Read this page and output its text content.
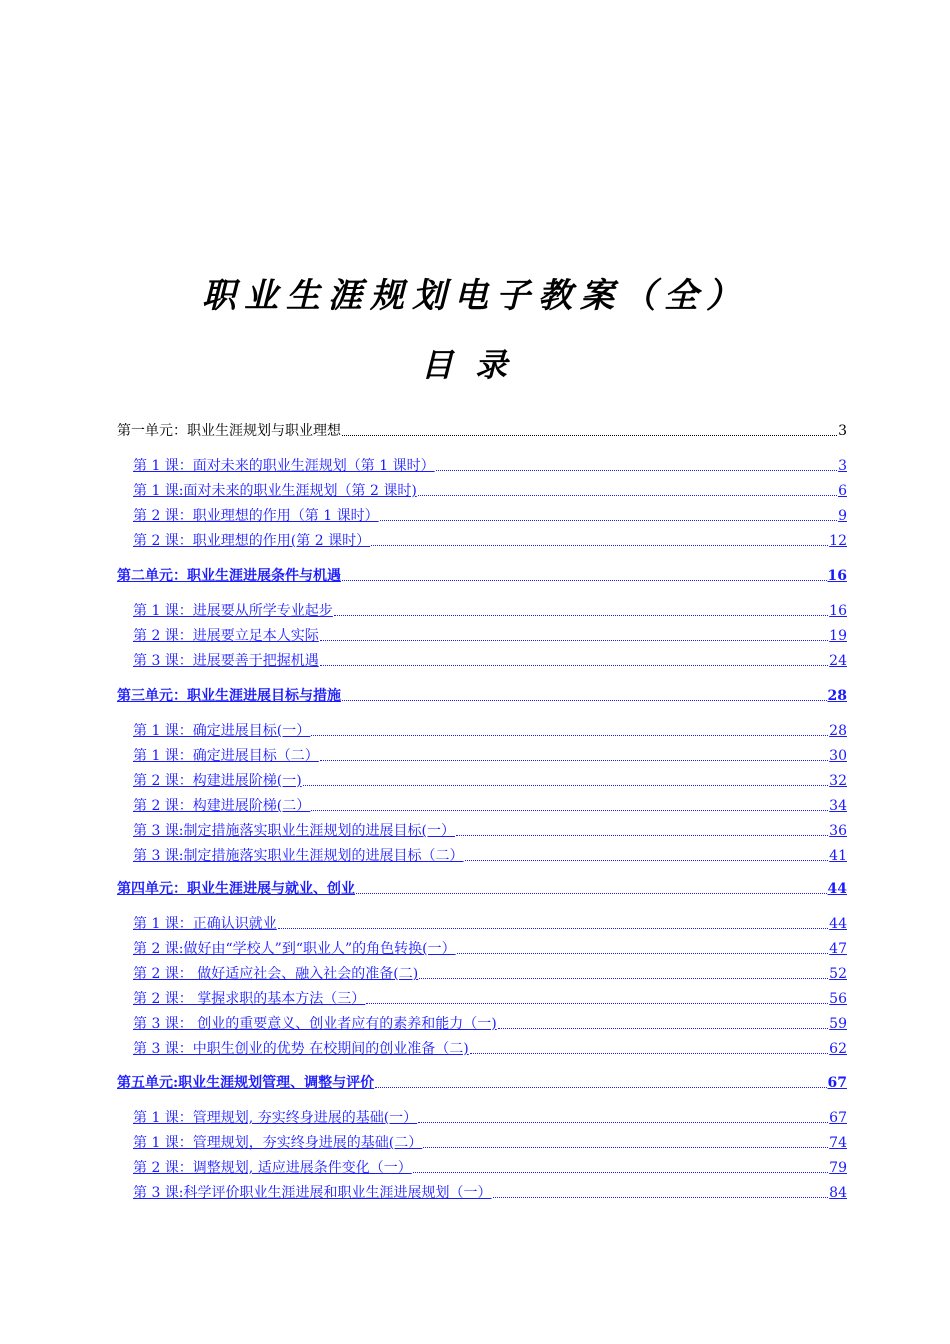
职业生涯规划电子教案（全）
目录
第一单元：职业生涯规划与职业理想	3
第 1 课：面对未来的职业生涯规划（第 1 课时）	3
第 1 课:面对未来的职业生涯规划（第 2 课时)	6
第 2 课：职业理想的作用（第 1 课时）	9
第 2 课：职业理想的作用(第 2 课时）	12
第二单元：职业生涯进展条件与机遇	16
第 1 课：进展要从所学专业起步	16
第 2 课：进展要立足本人实际	19
第 3 课：进展要善于把握机遇	24
第三单元：职业生涯进展目标与措施	28
第 1 课：确定进展目标(一）	28
第 1 课：确定进展目标（二）	30
第 2 课：构建进展阶梯(一)	32
第 2 课：构建进展阶梯(二）	34
第 3 课:制定措施落实职业生涯规划的进展目标(一）	36
第 3 课:制定措施落实职业生涯规划的进展目标（二）	41
第四单元：职业生涯进展与就业、创业	44
第 1 课：正确认识就业	44
第 2 课:做好由“学校人”到“职业人”的角色转换(一）	47
第 2 课： 做好适应社会、融入社会的准备(二)	52
第 2 课： 掌握求职的基本方法（三）	56
第 3 课： 创业的重要意义、创业者应有的素养和能力（一)	59
第 3 课：中职生创业的优势 在校期间的创业准备（二)	62
第五单元:职业生涯规划管理、调整与评价	67
第 1 课：管理规划, 夯实终身进展的基础(一）	67
第 1 课：管理规划，夯实终身进展的基础(二）	74
第 2 课：调整规划, 适应进展条件变化（一）	79
第 3 课:科学评价职业生涯进展和职业生涯进展规划（一）	84
